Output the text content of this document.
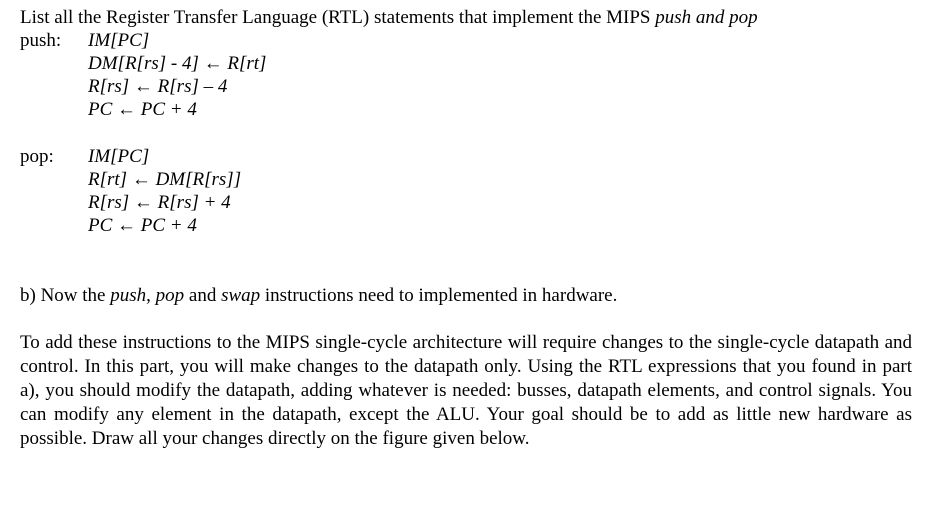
List all the Register Transfer Language (RTL) statements that implement the MIPS push and pop
push:	IM[PC]
DM[R[rs] - 4] ← R[rt]
R[rs] ← R[rs] – 4
PC ← PC + 4
pop:	IM[PC]
R[rt] ← DM[R[rs]]
R[rs] ← R[rs] + 4
PC ← PC + 4
b) Now the push, pop and swap instructions need to implemented in hardware.
To add these instructions to the MIPS single-cycle architecture will require changes to the single-cycle datapath and control. In this part, you will make changes to the datapath only. Using the RTL expressions that you found in part a), you should modify the datapath, adding whatever is needed: busses, datapath elements, and control signals. You can modify any element in the datapath, except the ALU. Your goal should be to add as little new hardware as possible. Draw all your changes directly on the figure given below.
